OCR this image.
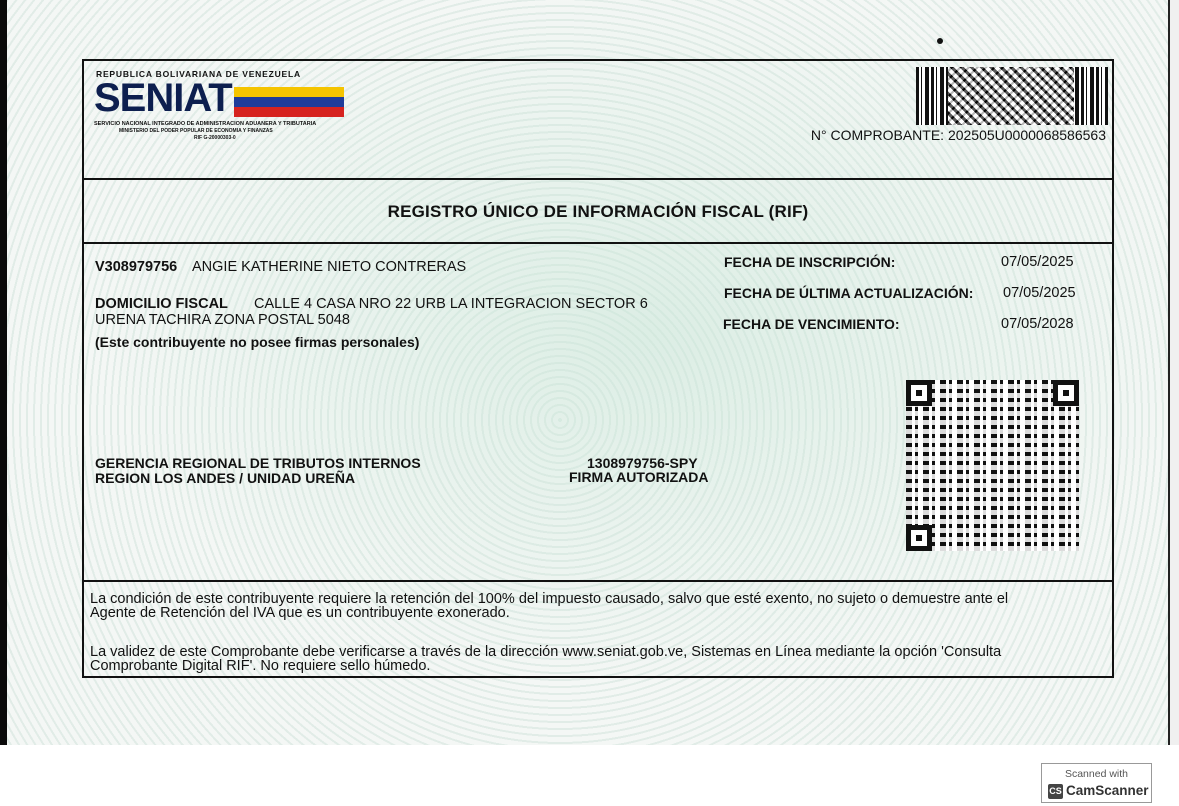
REPUBLICA BOLIVARIANA DE VENEZUELA
SENIAT
SERVICIO NACIONAL INTEGRADO DE ADMINISTRACION ADUANERA Y TRIBUTARIA
MINISTERIO DEL PODER POPULAR DE ECONOMIA Y FINANZAS
RIF G-20000303-0	N° COMPROBANTE: 202505U0000068586563
REGISTRO ÚNICO DE INFORMACIÓN FISCAL (RIF)
V308979756 ANGIE KATHERINE NIETO CONTRERAS
DOMICILIO FISCAL CALLE 4 CASA NRO 22 URB LA INTEGRACION SECTOR 6
URENA TACHIRA ZONA POSTAL 5048
(Este contribuyente no posee firmas personales)
FECHA DE INSCRIPCIÓN:	07/05/2025
FECHA DE ÚLTIMA ACTUALIZACIÓN: 07/05/2025
FECHA DE VENCIMIENTO:	07/05/2028
GERENCIA REGIONAL DE TRIBUTOS INTERNOS
REGION LOS ANDES / UNIDAD UREÑA
1308979756-SPY
FIRMA AUTORIZADA
La condición de este contribuyente requiere la retención del 100% del impuesto causado, salvo que esté exento, no sujeto o demuestre ante el
Agente de Retención del IVA que es un contribuyente exonerado.
La validez de este Comprobante debe verificarse a través de la dirección www.seniat.gob.ve, Sistemas en Línea mediante la opción 'Consulta
Comprobante Digital RIF'. No requiere sello húmedo.
Scanned with
CS CamScanner
